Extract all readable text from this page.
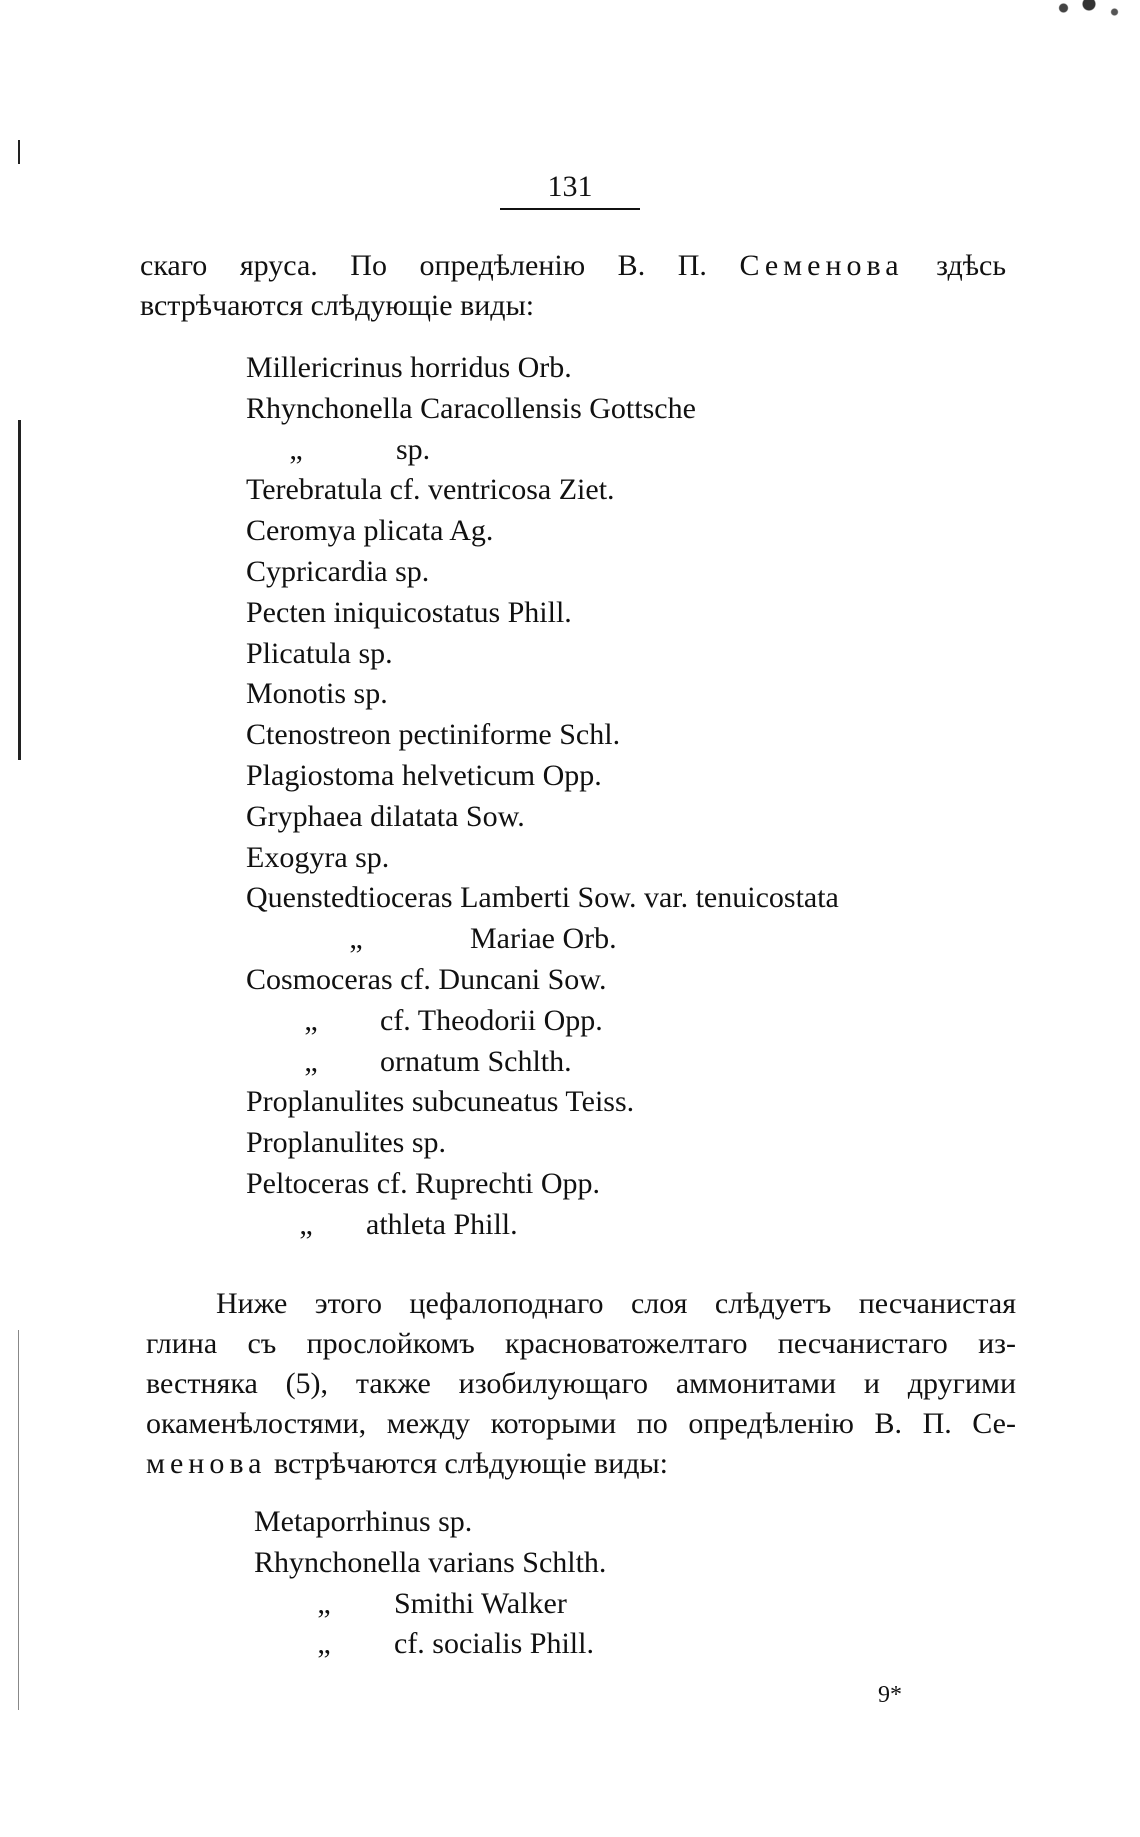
131
скаго яруса. По опредѣленію В. П. Семенова здѣсь
встрѣчаются слѣдующіе виды:
Millericrinus horridus Orb.
Rhynchonella Caracollensis Gottsche
„	sp.
Terebratula cf. ventricosa Ziet.
Ceromya plicata Ag.
Cypricardia sp.
Pecten iniquicostatus Phill.
Plicatula sp.
Monotis sp.
Ctenostreon pectiniforme Schl.
Plagiostoma helveticum Opp.
Gryphaea dilatata Sow.
Exogyra sp.
Quenstedtioceras Lamberti Sow. var. tenuicostata
„	Mariae Orb.
Cosmoceras cf. Duncani Sow.
„ cf. Theodorii Opp.
„ ornatum Schlth.
Proplanulites subcuneatus Teiss.
Proplanulites sp.
Peltoceras cf. Ruprechti Opp.
„ athleta Phill.
Ниже этого цефалоподнаго слоя слѣдуетъ песчанистая
глина съ прослойкомъ красноватожелтаго песчанистаго из-
вестняка (5), также изобилующаго аммонитами и другими
окаменѣлостями, между которыми по опредѣленію В. П. Се-
менова встрѣчаются слѣдующіе виды:
Metaporrhinus sp.
Rhynchonella varians Schlth.
„ Smithi Walker
„ cf. socialis Phill.
9*
